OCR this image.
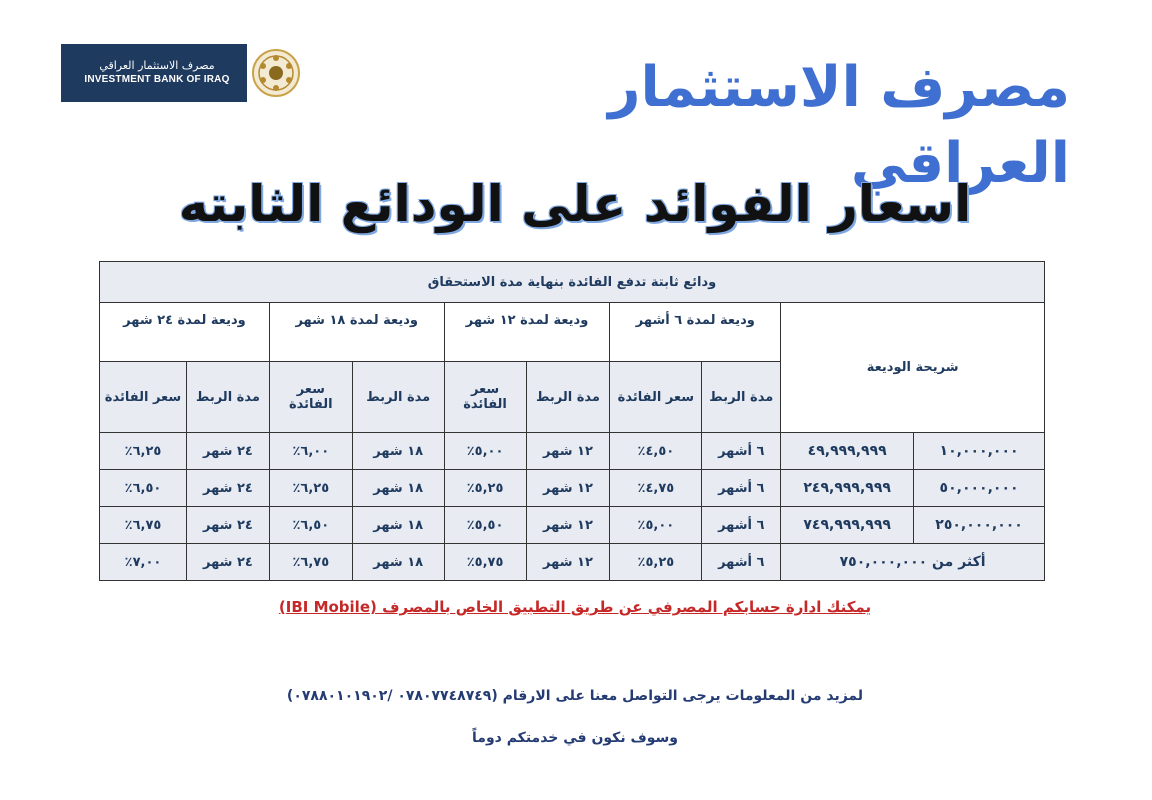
مصرف الاستثمار العراقي
INVESTMENT BANK OF IRAQ	مصرف الاستثمار العراقي
اسعار الفوائد على الودائع الثابته
ودائع ثابتة تدفع الفائدة بنهاية مدة الاستحقاق									
شريحة الوديعة		وديعة لمدة ٦ أشهر		وديعة لمدة ١٢ شهر		وديعة لمدة ١٨ شهر		وديعة لمدة ٢٤ شهر	
		مدة الربط	سعر الفائدة	مدة الربط	سعر الفائدة	مدة الربط	سعر الفائدة	مدة الربط	سعر الفائدة
١٠,٠٠٠,٠٠٠	٤٩,٩٩٩,٩٩٩	٦ أشهر	٤,٥٠٪	١٢ شهر	٥,٠٠٪	١٨ شهر	٦,٠٠٪	٢٤ شهر	٦,٢٥٪
٥٠,٠٠٠,٠٠٠	٢٤٩,٩٩٩,٩٩٩	٦ أشهر	٤,٧٥٪	١٢ شهر	٥,٢٥٪	١٨ شهر	٦,٢٥٪	٢٤ شهر	٦,٥٠٪
٢٥٠,٠٠٠,٠٠٠	٧٤٩,٩٩٩,٩٩٩	٦ أشهر	٥,٠٠٪	١٢ شهر	٥,٥٠٪	١٨ شهر	٦,٥٠٪	٢٤ شهر	٦,٧٥٪
أكثر من ٧٥٠,٠٠٠,٠٠٠		٦ أشهر	٥,٢٥٪	١٢ شهر	٥,٧٥٪	١٨ شهر	٦,٧٥٪	٢٤ شهر	٧,٠٠٪
يمكنك ادارة حسابكم المصرفي عن طريق التطبيق الخاص بالمصرف (IBI Mobile)
لمزيد من المعلومات يرجى التواصل معنا على الارقام (٠٧٨٠٧٧٤٨٧٤٩ /٠٧٨٨٠١٠١٩٠٢)
وسوف نكون في خدمتكم دوماً
